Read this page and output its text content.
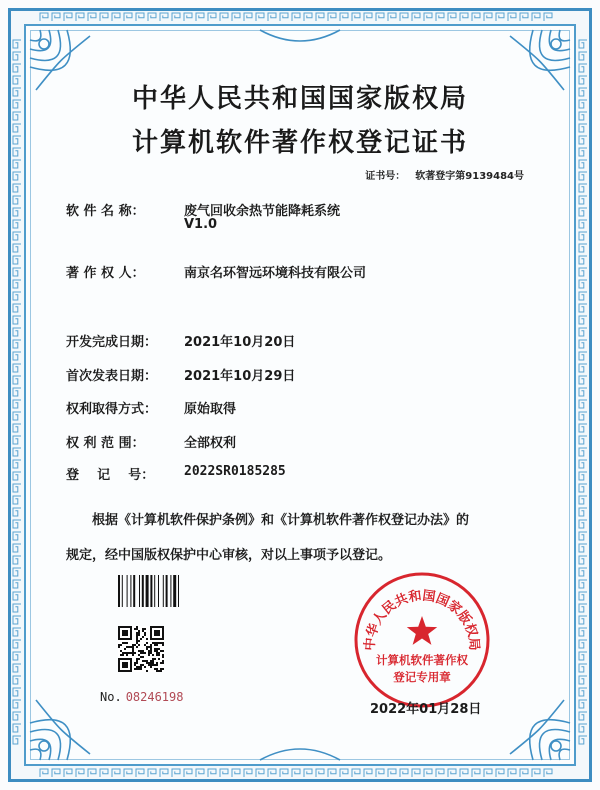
中华人民共和国国家版权局
计算机软件著作权登记证书
证书号： 软著登字第9139484号
软 件 名 称：	废气回收余热节能降耗系统
V1.0
著 作 权 人：	南京名环智远环境科技有限公司
开发完成日期： 2021年10月20日
首次发表日期： 2021年10月29日
权利取得方式： 原始取得
权 利 范 围：	全部权利
登    记    号： 2022SR0185285
根据《计算机软件保护条例》和《计算机软件著作权登记办法》的
规定，经中国版权保护中心审核，对以上事项予以登记。
No. 08246198
中华人民共和国国家版权局
计算机软件著作权
登记专用章
2022年01月28日
